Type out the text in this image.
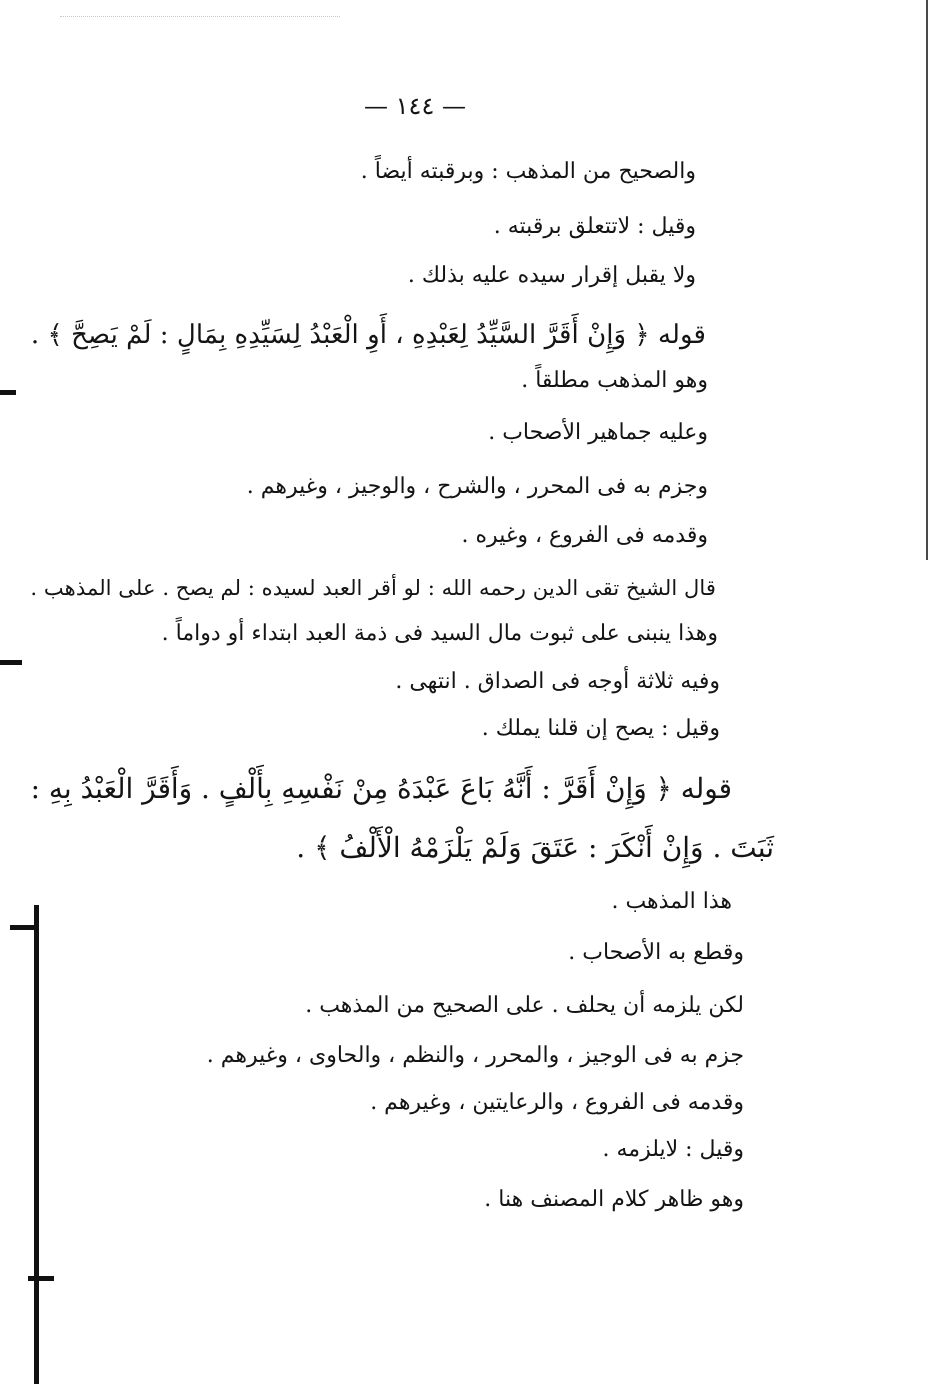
— ١٤٤ —
والصحيح من المذهب : وبرقبته أيضاً .
وقيل : لاتتعلق برقبته .
ولا يقبل إقرار سيده عليه بذلك .
قوله ﴿ وَإِنْ أَقَرَّ السَّيِّدُ لِعَبْدِهِ ، أَوِ الْعَبْدُ لِسَيِّدِهِ بِمَالٍ : لَمْ يَصِحَّ ﴾ .
وهو المذهب مطلقاً .
وعليه جماهير الأصحاب .
وجزم به فى المحرر ، والشرح ، والوجيز ، وغيرهم .
وقدمه فى الفروع ، وغيره .
قال الشيخ تقى الدين رحمه الله : لو أقر العبد لسيده : لم يصح . على المذهب .
وهذا ينبنى على ثبوت مال السيد فى ذمة العبد ابتداء أو دواماً .
وفيه ثلاثة أوجه فى الصداق . انتهى .
وقيل : يصح إن قلنا يملك .
قوله ﴿ وَإِنْ أَقَرَّ : أَنَّهُ بَاعَ عَبْدَهُ مِنْ نَفْسِهِ بِأَلْفٍ . وَأَقَرَّ الْعَبْدُ بِهِ :
ثَبَتَ . وَإِنْ أَنْكَرَ : عَتَقَ وَلَمْ يَلْزَمْهُ الْأَلْفُ ﴾ .
هذا المذهب .
وقطع به الأصحاب .
لكن يلزمه أن يحلف . على الصحيح من المذهب .
جزم به فى الوجيز ، والمحرر ، والنظم ، والحاوى ، وغيرهم .
وقدمه فى الفروع ، والرعايتين ، وغيرهم .
وقيل : لايلزمه .
وهو ظاهر كلام المصنف هنا .
